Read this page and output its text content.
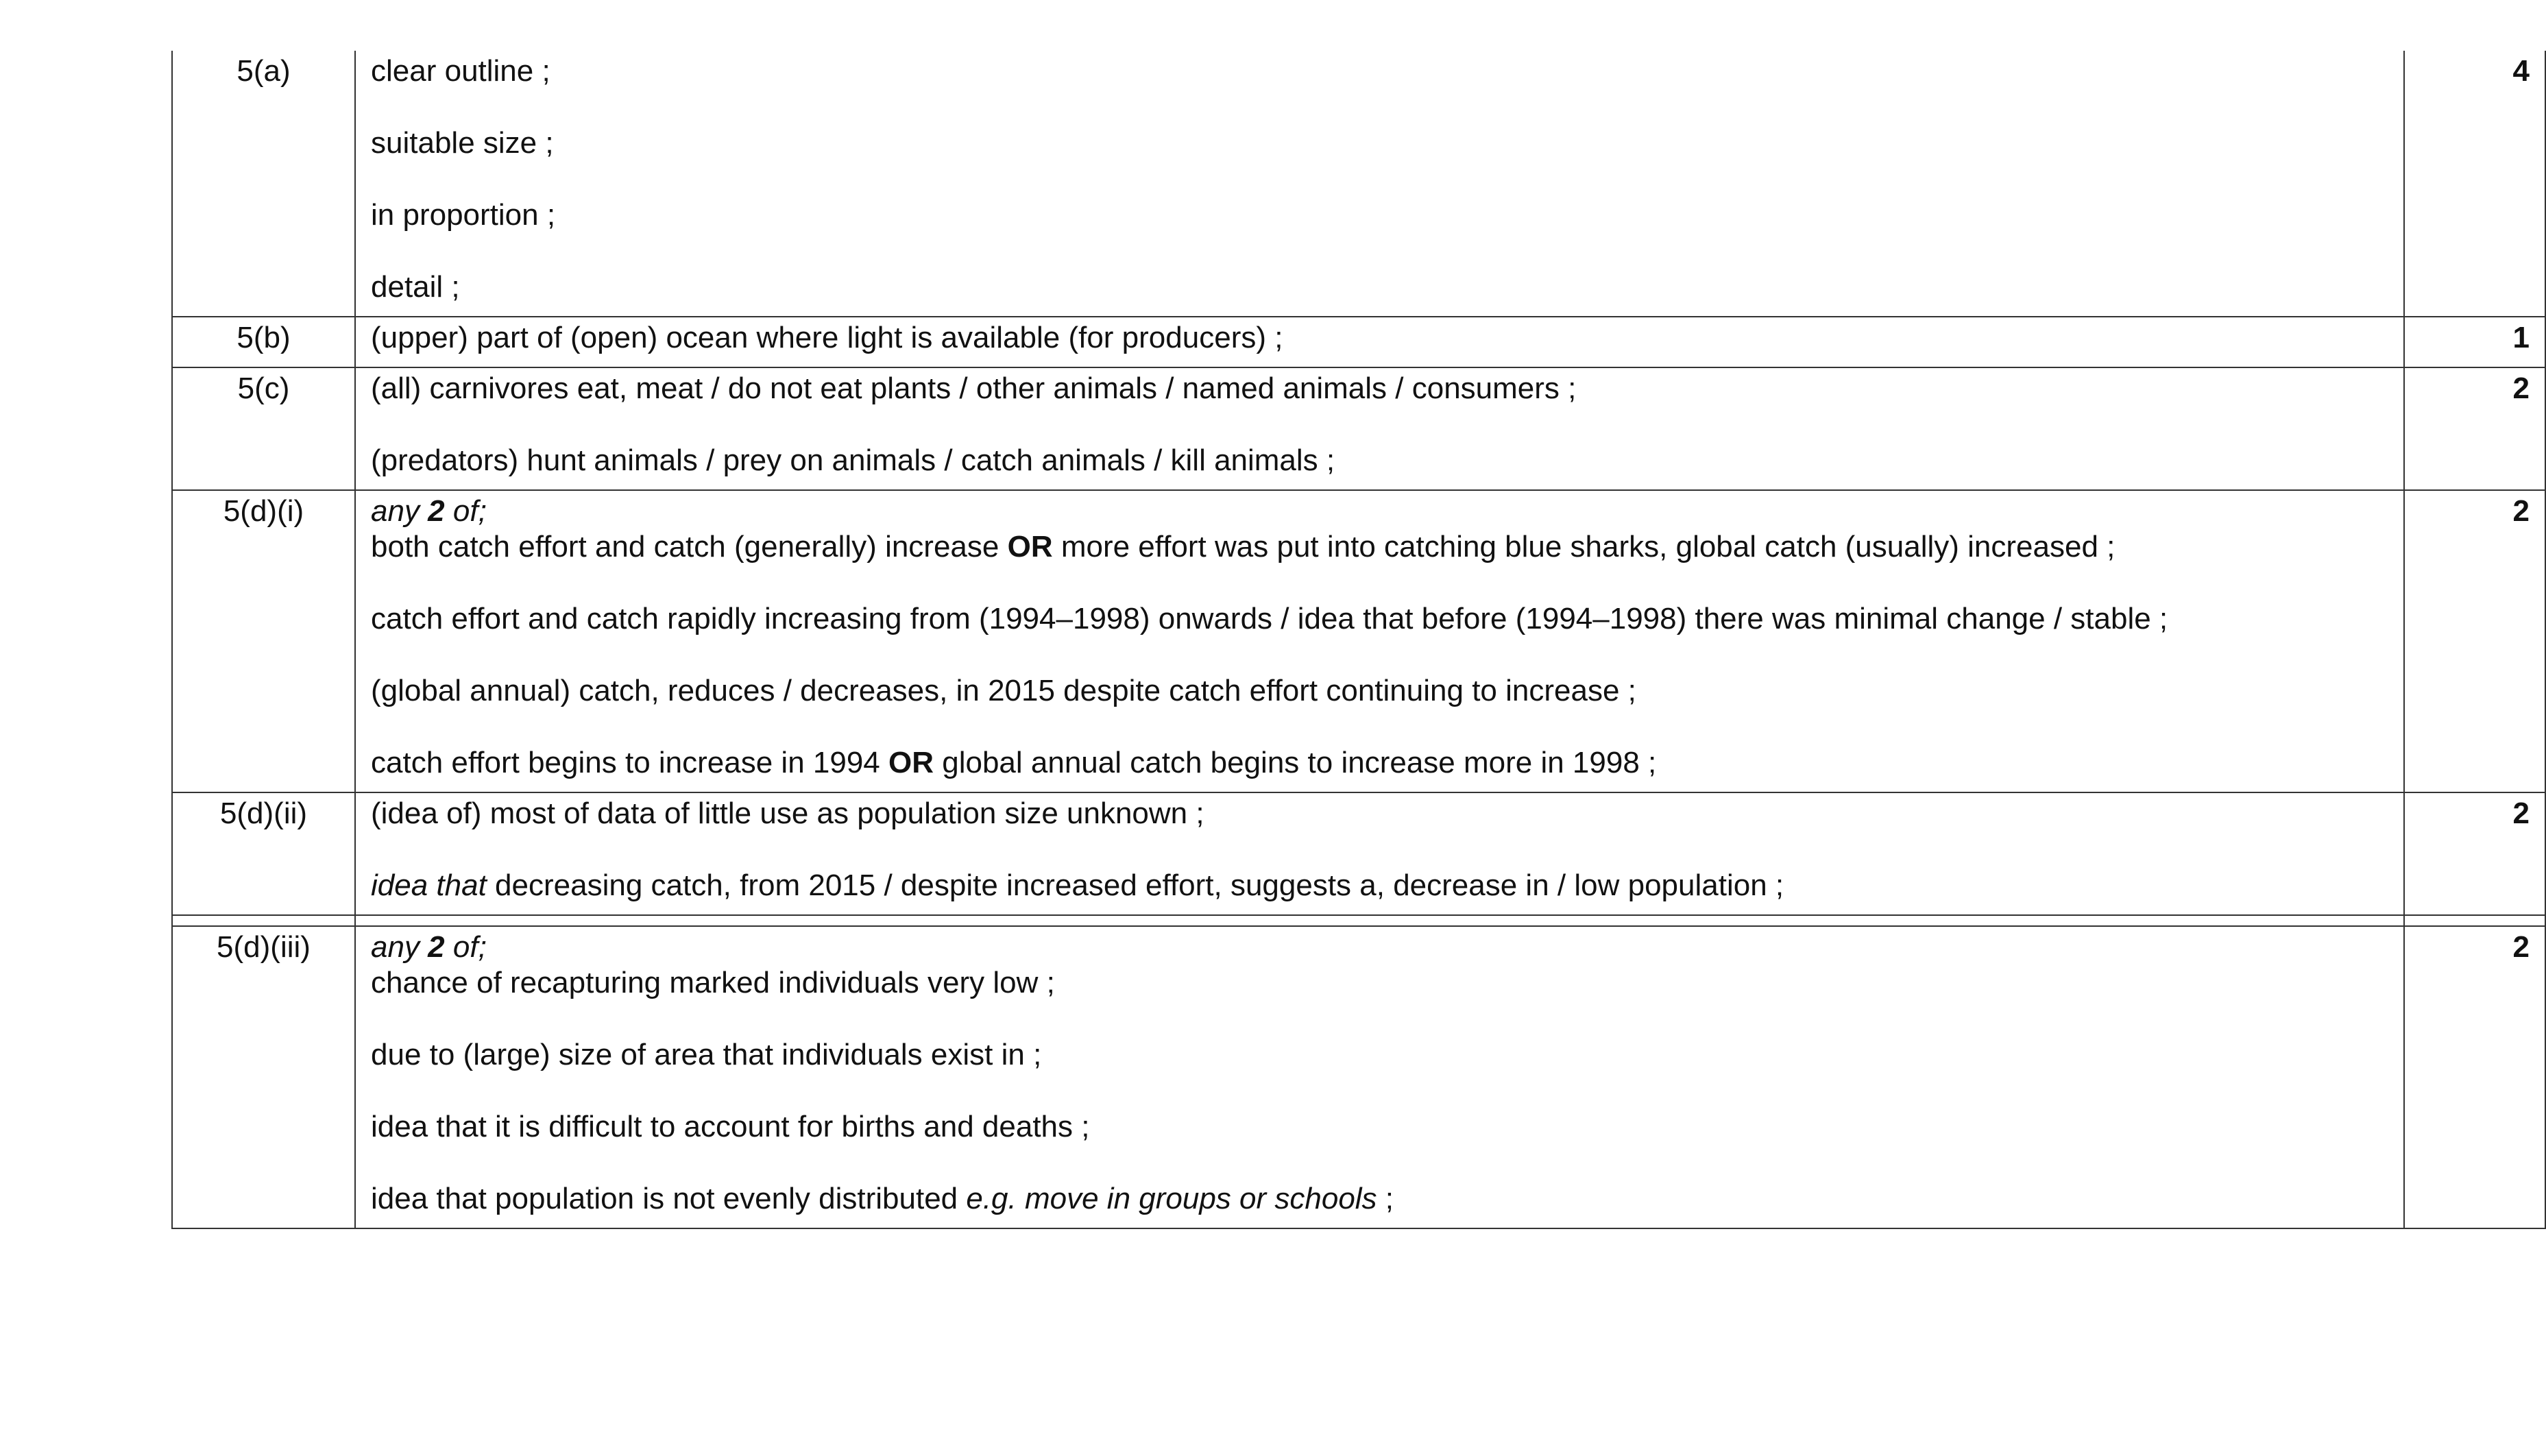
5(a)	clear outline ;
suitable size ;
in proportion ;
detail ;	4

5(b)	(upper) part of (open) ocean where light is available (for producers) ;	1

5(c)	(all) carnivores eat, meat / do not eat plants / other animals / named animals / consumers ;
(predators) hunt animals / prey on animals / catch animals / kill animals ;	2

5(d)(i)	any 2 of;
both catch effort and catch (generally) increase OR more effort was put into catching blue sharks, global catch (usually) increased ;
catch effort and catch rapidly increasing from (1994–1998) onwards / idea that before (1994–1998) there was minimal change / stable ;
(global annual) catch, reduces / decreases, in 2015 despite catch effort continuing to increase ;
catch effort begins to increase in 1994 OR global annual catch begins to increase more in 1998 ;	2

5(d)(ii)	(idea of) most of data of little use as population size unknown ;
idea that decreasing catch, from 2015 / despite increased effort, suggests a, decrease in / low population ;	2

5(d)(iii)	any 2 of;
chance of recapturing marked individuals very low ;
due to (large) size of area that individuals exist in ;
idea that it is difficult to account for births and deaths ;
idea that population is not evenly distributed e.g. move in groups or schools ;	2
